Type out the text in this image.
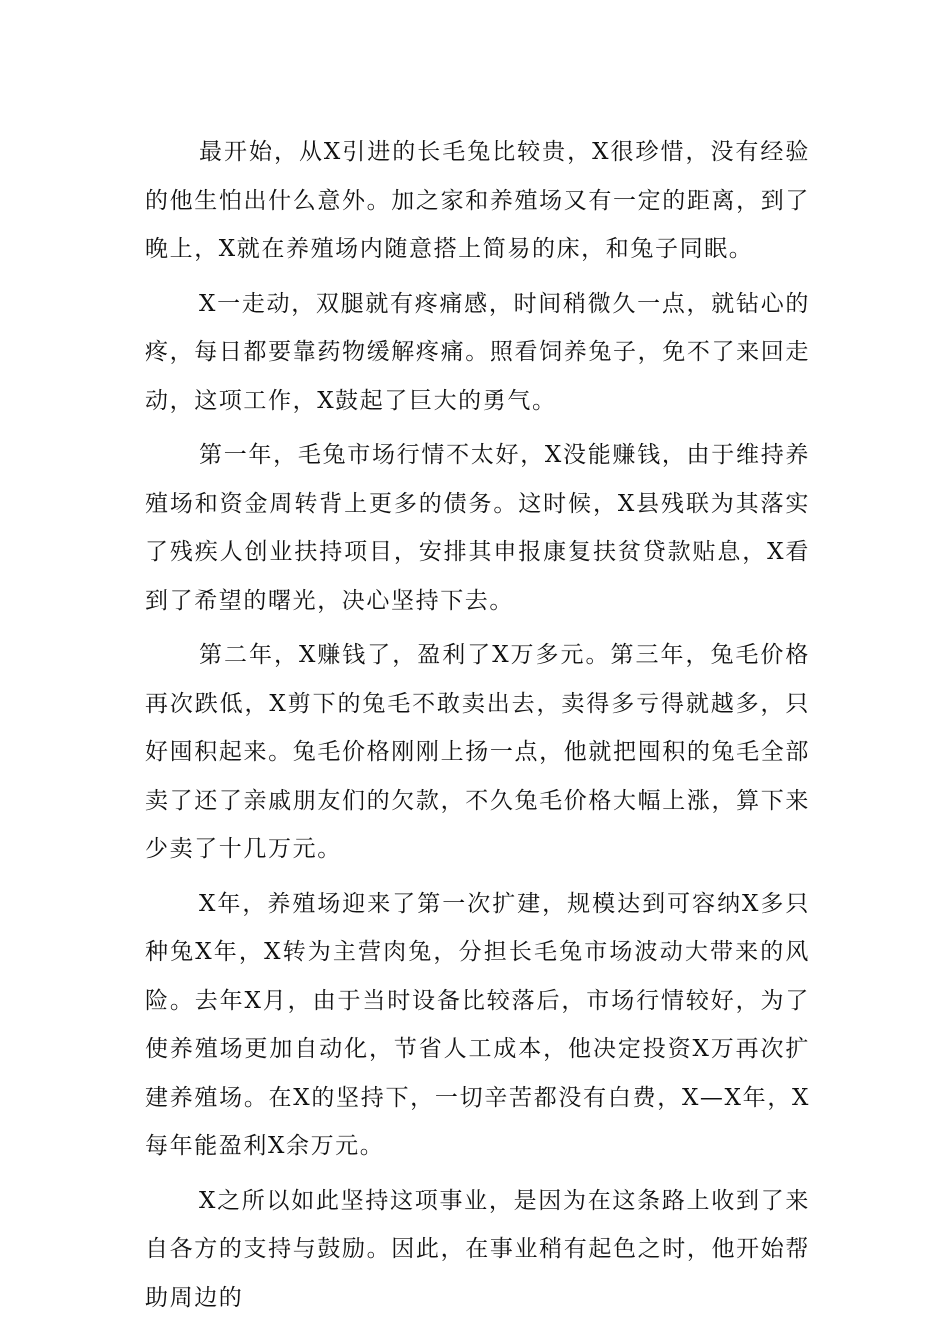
最开始，从X引进的长毛兔比较贵，X很珍惜，没有经验的他生怕出什么意外。加之家和养殖场又有一定的距离，到了晚上，X就在养殖场内随意搭上简易的床，和兔子同眠。

X一走动，双腿就有疼痛感，时间稍微久一点，就钻心的疼，每日都要靠药物缓解疼痛。照看饲养兔子，免不了来回走动，这项工作，X鼓起了巨大的勇气。

第一年，毛兔市场行情不太好，X没能赚钱，由于维持养殖场和资金周转背上更多的债务。这时候，X县残联为其落实了残疾人创业扶持项目，安排其申报康复扶贫贷款贴息，X看到了希望的曙光，决心坚持下去。

第二年，X赚钱了，盈利了X万多元。第三年，兔毛价格再次跌低，X剪下的兔毛不敢卖出去，卖得多亏得就越多，只好囤积起来。兔毛价格刚刚上扬一点，他就把囤积的兔毛全部卖了还了亲戚朋友们的欠款，不久兔毛价格大幅上涨，算下来少卖了十几万元。

X年，养殖场迎来了第一次扩建，规模达到可容纳X多只种兔X年，X转为主营肉兔，分担长毛兔市场波动大带来的风险。去年X月，由于当时设备比较落后，市场行情较好，为了使养殖场更加自动化，节省人工成本，他决定投资X万再次扩建养殖场。在X的坚持下，一切辛苦都没有白费，X—X年，X每年能盈利X余万元。

X之所以如此坚持这项事业，是因为在这条路上收到了来自各方的支持与鼓励。因此，在事业稍有起色之时，他开始帮助周边的
